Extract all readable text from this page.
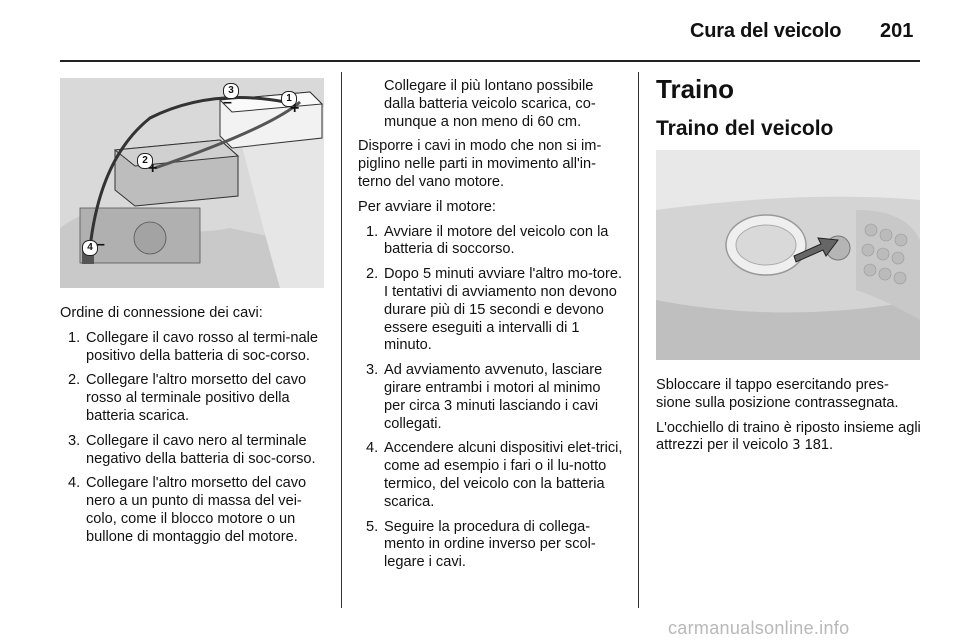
Cura del veicolo 201
3
1
2
4
–	+
+
–

Ordine di connessione dei cavi:

1. Collegare il cavo rosso al termi-nale positivo della batteria di soc-corso.
2. Collegare l'altro morsetto del cavo rosso al terminale positivo della batteria scarica.
3. Collegare il cavo nero al terminale negativo della batteria di soc-corso.
4. Collegare l'altro morsetto del cavo nero a un punto di massa del vei-colo, come il blocco motore o un bullone di montaggio del motore.

Collegare il più lontano possibile dalla batteria veicolo scarica, co-munque a non meno di 60 cm.

Disporre i cavi in modo che non si im-piglino nelle parti in movimento all'in-terno del vano motore.

Per avviare il motore:

1. Avviare il motore del veicolo con la batteria di soccorso.
2. Dopo 5 minuti avviare l'altro mo-tore. I tentativi di avviamento non devono durare più di 15 secondi e devono essere eseguiti a intervalli di 1 minuto.
3. Ad avviamento avvenuto, lasciare girare entrambi i motori al minimo per circa 3 minuti lasciando i cavi collegati.
4. Accendere alcuni dispositivi elet-trici, come ad esempio i fari o il lu-notto termico, del veicolo con la batteria scarica.
5. Seguire la procedura di collega-mento in ordine inverso per scol-legare i cavi.
Traino
Traino del veicolo

Sbloccare il tappo esercitando pres-sione sulla posizione contrassegnata.

L'occhiello di traino è riposto insieme agli attrezzi per il veicolo 3 181.

carmanualsonline.info
